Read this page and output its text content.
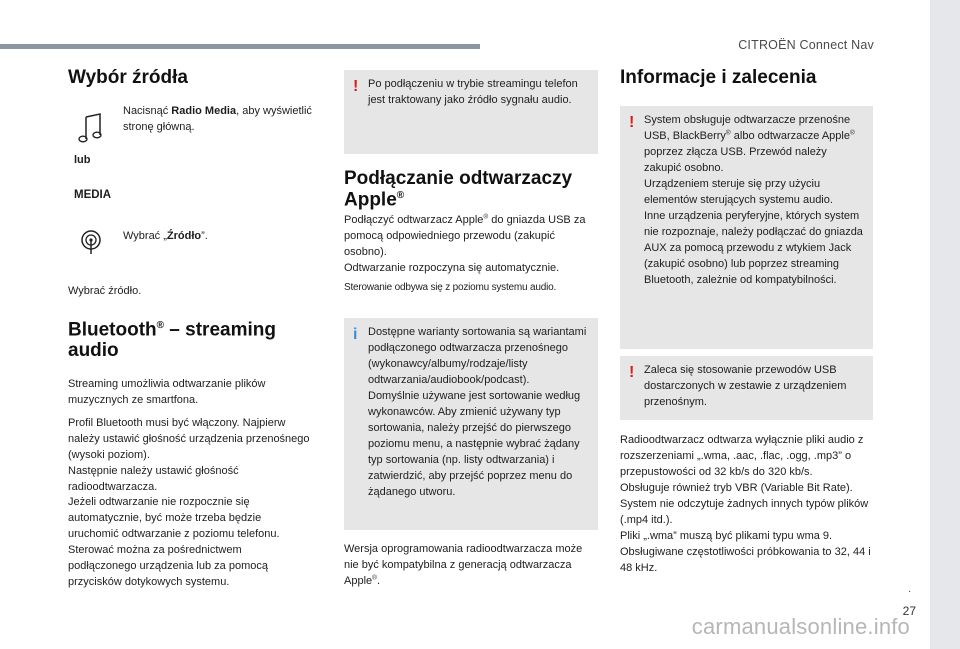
CITROËN Connect Nav
.
27
Wybór źródła

Nacisnąć Radio Media, aby wyświetlić stronę główną.

lub

MEDIA

Wybrać „Źródło”.

Wybrać źródło.

Bluetooth® – streaming
audio

Streaming umożliwia odtwarzanie plików muzycznych ze smartfona.

Profil Bluetooth musi być włączony. Najpierw należy ustawić głośność urządzenia przenośnego (wysoki poziom).
Następnie należy ustawić głośność radioodtwarzacza.

Jeżeli odtwarzanie nie rozpocznie się automatycznie, być może trzeba będzie uruchomić odtwarzanie z poziomu telefonu.
Sterować można za pośrednictwem podłączonego urządzenia lub za pomocą przycisków dotykowych systemu.

! Po podłączeniu w trybie streamingu telefon jest traktowany jako źródło sygnału audio.

Podłączanie odtwarzaczy
Apple®

Podłączyć odtwarzacz Apple® do gniazda USB za pomocą odpowiedniego przewodu (zakupić osobno).
Odtwarzanie rozpoczyna się automatycznie.

Sterowanie odbywa się z poziomu systemu audio.

i Dostępne warianty sortowania są wariantami podłączonego odtwarzacza przenośnego (wykonawcy/albumy/rodzaje/listy odtwarzania/audiobook/podcast).
Domyślnie używane jest sortowanie według wykonawców. Aby zmienić używany typ sortowania, należy przejść do pierwszego poziomu menu, a następnie wybrać żądany typ sortowania (np. listy odtwarzania) i zatwierdzić, aby przejść poprzez menu do żądanego utworu.

Wersja oprogramowania radioodtwarzacza może nie być kompatybilna z generacją odtwarzacza Apple®.

Informacje i zalecenia
! System obsługuje odtwarzacze przenośne USB, BlackBerry® albo odtwarzacze Apple® poprzez złącza USB. Przewód należy zakupić osobno.
Urządzeniem steruje się przy użyciu elementów sterujących systemu audio.
Inne urządzenia peryferyjne, których system nie rozpoznaje, należy podłączać do gniazda AUX za pomocą przewodu z wtykiem Jack (zakupić osobno) lub poprzez streaming Bluetooth, zależnie od kompatybilności.

! Zaleca się stosowanie przewodów USB dostarczonych w zestawie z urządzeniem przenośnym.

Radioodtwarzacz odtwarza wyłącznie pliki audio z rozszerzeniami „.wma, .aac, .flac, .ogg, .mp3” o przepustowości od 32 kb/s do 320 kb/s.
Obsługuje również tryb VBR (Variable Bit Rate).
System nie odczytuje żadnych innych typów plików (.mp4 itd.).
Pliki „.wma” muszą być plikami typu wma 9.
Obsługiwane częstotliwości próbkowania to 32, 44 i 48 kHz.

carmanualsonline.info
